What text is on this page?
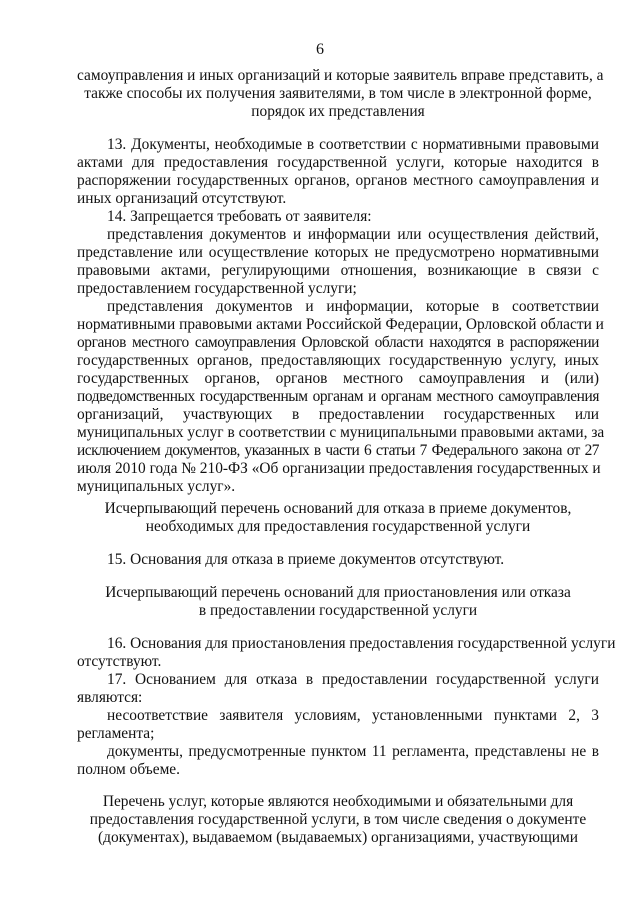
6
самоуправления и иных организаций и которые заявитель вправе представить, а
также способы их получения заявителями, в том числе в электронной форме,
порядок их представления
13. Документы, необходимые в соответствии с нормативными правовыми
актами для предоставления государственной услуги, которые находится в
распоряжении государственных органов, органов местного самоуправления и
иных организаций отсутствуют.
14. Запрещается требовать от заявителя:
представления документов и информации или осуществления действий,
представление или осуществление которых не предусмотрено нормативными
правовыми актами, регулирующими отношения, возникающие в связи с
предоставлением государственной услуги;
представления документов и информации, которые в соответствии
нормативными правовыми актами Российской Федерации, Орловской области и
органов местного самоуправления Орловской области находятся в распоряжении
государственных органов, предоставляющих государственную услугу, иных
государственных органов, органов местного самоуправления и (или)
подведомственных государственным органам и органам местного самоуправления
организаций, участвующих в предоставлении государственных или
муниципальных услуг в соответствии с муниципальными правовыми актами, за
исключением документов, указанных в части 6 статьи 7 Федерального закона от 27
июля 2010 года № 210-ФЗ «Об организации предоставления государственных и
муниципальных услуг».
Исчерпывающий перечень оснований для отказа в приеме документов,
необходимых для предоставления государственной услуги
15. Основания для отказа в приеме документов отсутствуют.
Исчерпывающий перечень оснований для приостановления или отказа
в предоставлении государственной услуги
16. Основания для приостановления предоставления государственной услуги
отсутствуют.
17. Основанием для отказа в предоставлении государственной услуги
являются:
несоответствие заявителя условиям, установленными пунктами 2, 3
регламента;
документы, предусмотренные пунктом 11 регламента, представлены не в
полном объеме.
Перечень услуг, которые являются необходимыми и обязательными для
предоставления государственной услуги, в том числе сведения о документе
(документах), выдаваемом (выдаваемых) организациями, участвующими
